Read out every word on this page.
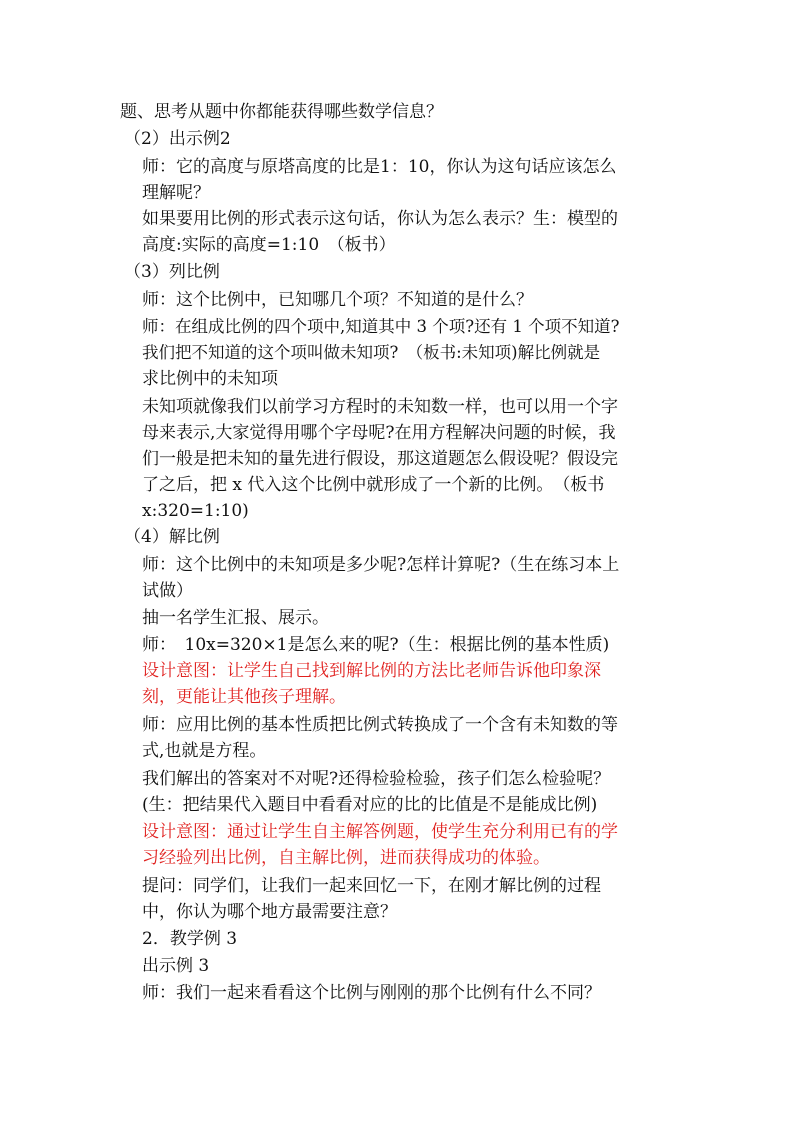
题、思考从题中你都能获得哪些数学信息？
（2）出示例2
师：它的高度与原塔高度的比是1：10，你认为这句话应该怎么
理解呢？
如果要用比例的形式表示这句话，你认为怎么表示？生：模型的
高度:实际的高度=1:10　（板书）
（3）列比例
师：这个比例中，已知哪几个项？不知道的是什么？
师：在组成比例的四个项中,知道其中 3 个项?还有 1 个项不知道?
我们把不知道的这个项叫做未知项?　（板书:未知项)解比例就是
求比例中的未知项
未知项就像我们以前学习方程时的未知数一样，也可以用一个字
母来表示,大家觉得用哪个字母呢?在用方程解决问题的时候，我
们一般是把未知的量先进行假设，那这道题怎么假设呢？假设完
了之后，把 x 代入这个比例中就形成了一个新的比例。　（板书
x:320=1:10)
（4）解比例
师：这个比例中的未知项是多少呢?怎样计算呢?（生在练习本上
试做）
抽一名学生汇报、展示。
师：　10x=320×1是怎么来的呢?（生：根据比例的基本性质)
设计意图：让学生自己找到解比例的方法比老师告诉他印象深
刻，更能让其他孩子理解。
师：应用比例的基本性质把比例式转换成了一个含有未知数的等
式,也就是方程。
我们解出的答案对不对呢?还得检验检验，孩子们怎么检验呢？
(生：把结果代入题目中看看对应的比的比值是不是能成比例)
设计意图：通过让学生自主解答例题，使学生充分利用已有的学
习经验列出比例，自主解比例，进而获得成功的体验。
提问：同学们，让我们一起来回忆一下，在刚才解比例的过程
中，你认为哪个地方最需要注意？
2．教学例 3
出示例 3
师：我们一起来看看这个比例与刚刚的那个比例有什么不同？
